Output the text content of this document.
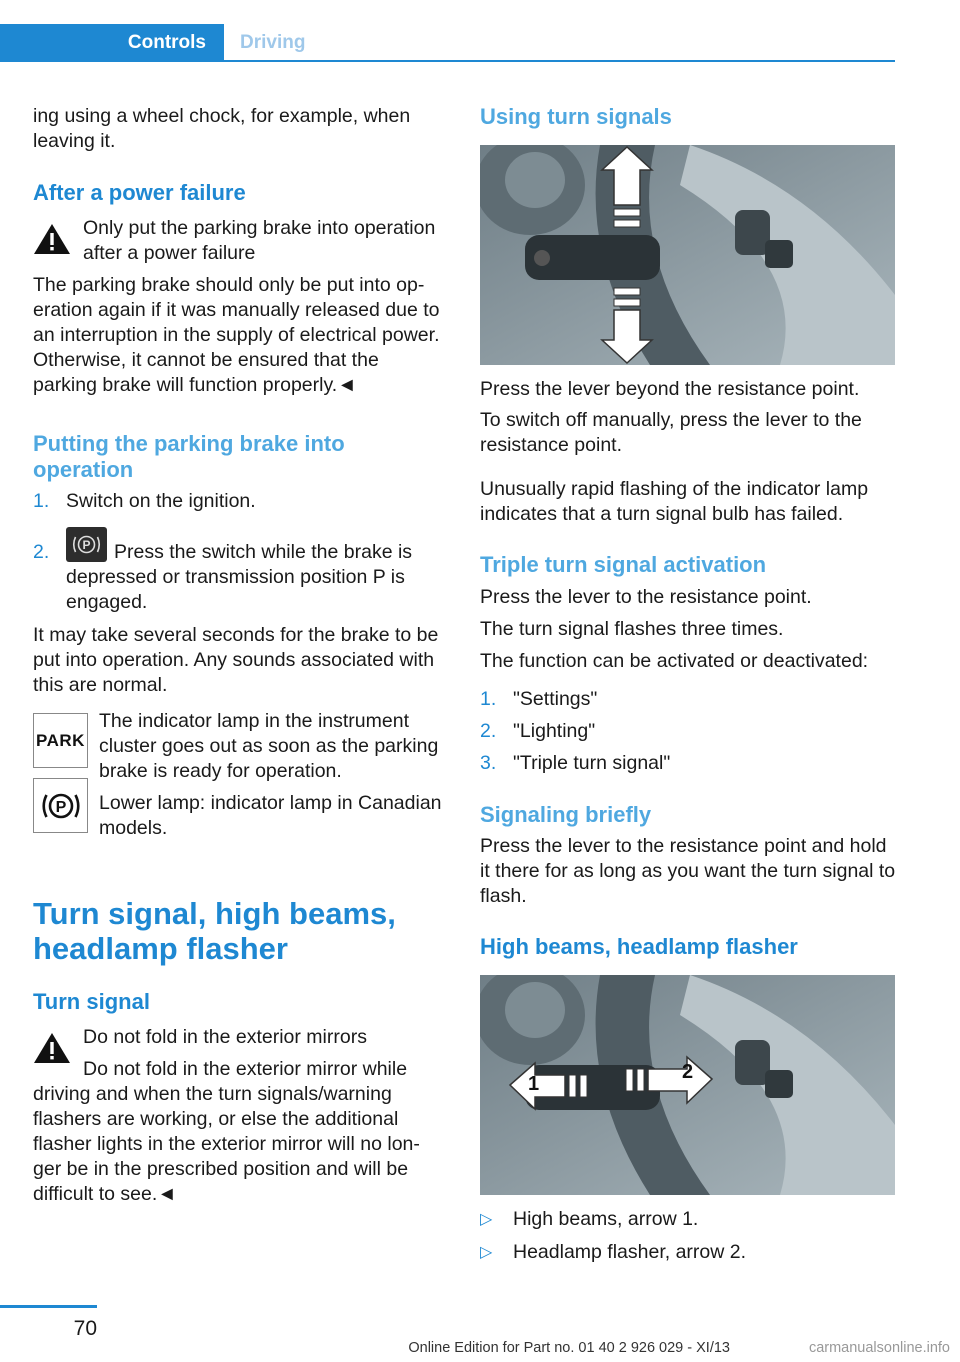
Controls	Driving

ing using a wheel chock, for example, when leaving it.

After a power failure

Only put the parking brake into operation after a power failure

The parking brake should only be put into op-eration again if it was manually released due to an interruption in the supply of electrical power. Otherwise, it cannot be ensured that the parking brake will function properly.◄

Putting the parking brake into operation
1. Switch on the ignition.
2.	P	Press the switch while the brake is depressed or transmission position P is engaged.

It may take several seconds for the brake to be put into operation. Any sounds associated with this are normal.

PARK

The indicator lamp in the instrument cluster goes out as soon as the parking brake is ready for operation.

P Lower lamp: indicator lamp in Canadian models.

Turn signal, high beams, headlamp flasher
Turn signal

Do not fold in the exterior mirrors

Do not fold in the exterior mirror while driving and when the turn signals/warning flashers are working, or else the additional flasher lights in the exterior mirror will no lon-ger be in the prescribed position and will be difficult to see.◄

Using turn signals

Press the lever beyond the resistance point.

To switch off manually, press the lever to the resistance point.

Unusually rapid flashing of the indicator lamp indicates that a turn signal bulb has failed.

Triple turn signal activation

Press the lever to the resistance point.

The turn signal flashes three times.

The function can be activated or deactivated:

1. "Settings"
2. "Lighting"
3. "Triple turn signal"
Signaling briefly

Press the lever to the resistance point and hold it there for as long as you want the turn signal to flash.

High beams, headlamp flasher
1
2
▷ High beams, arrow 1.
▷ Headlamp flasher, arrow 2.
70
Online Edition for Part no. 01 40 2 926 029 - XI/13	carmanualsonline.info
